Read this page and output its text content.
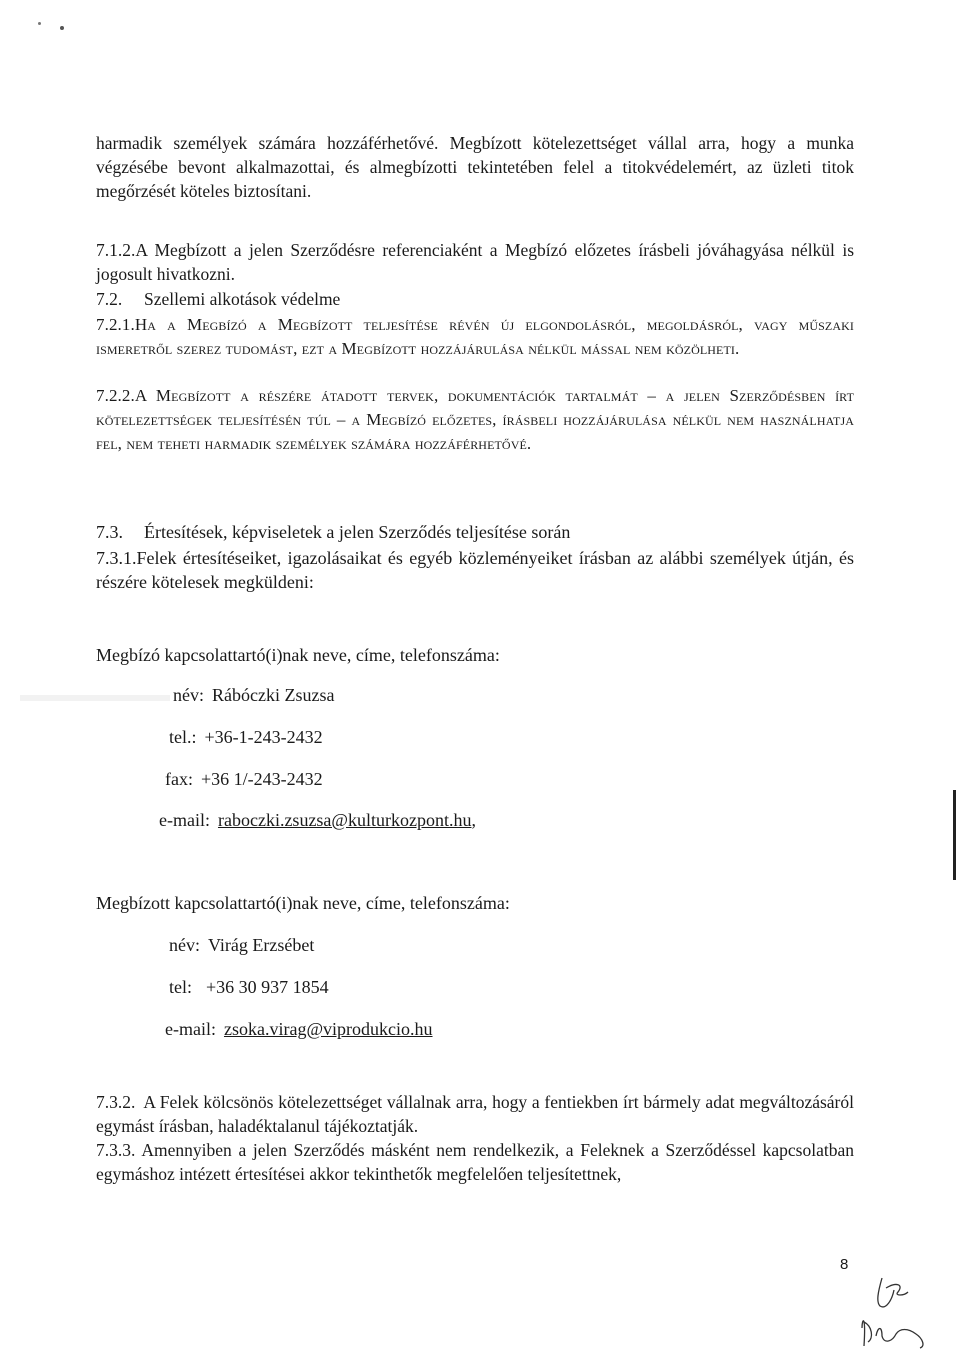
harmadik személyek számára hozzáférhetővé. Megbízott kötelezettséget vállal arra, hogy a munka végzésébe bevont alkalmazottai, és almegbízotti tekintetében felel a titokvédelemért, az üzleti titok megőrzését köteles biztosítani.
7.1.2.A Megbízott a jelen Szerződésre referenciaként a Megbízó előzetes írásbeli jóváhagyása nélkül is jogosult hivatkozni.
7.2. Szellemi alkotások védelme
7.2.1.Ha a Megbízó a Megbízott teljesítése révén új elgondolásról, megoldásról, vagy műszaki ismeretről szerez tudomást, ezt a Megbízott hozzájárulása nélkül mással nem közölheti.
7.2.2.A Megbízott a részére átadott tervek, dokumentációk tartalmát – a jelen Szerződésben írt kötelezettségek teljesítésén túl – a Megbízó előzetes, írásbeli hozzájárulása nélkül nem használhatja fel, nem teheti harmadik személyek számára hozzáférhetővé.
7.3. Értesítések, képviseletek a jelen Szerződés teljesítése során
7.3.1.Felek értesítéseiket, igazolásaikat és egyéb közleményeiket írásban az alábbi személyek útján, és részére kötelesek megküldeni:
Megbízó kapcsolattartó(i)nak neve, címe, telefonszáma:
név: Rábóczki Zsuzsa
tel.: +36-1-243-2432
fax: +36 1/-243-2432
e-mail: raboczki.zsuzsa@kulturkozpont.hu,
Megbízott kapcsolattartó(i)nak neve, címe, telefonszáma:
név: Virág Erzsébet
tel: +36 30 937 1854
e-mail: zsoka.virag@viprodukcio.hu
7.3.2. A Felek kölcsönös kötelezettséget vállalnak arra, hogy a fentiekben írt bármely adat megváltozásáról egymást írásban, haladéktalanul tájékoztatják.
7.3.3. Amennyiben a jelen Szerződés másként nem rendelkezik, a Feleknek a Szerződéssel kapcsolatban egymáshoz intézett értesítései akkor tekinthetők megfelelően teljesítettnek,
8
